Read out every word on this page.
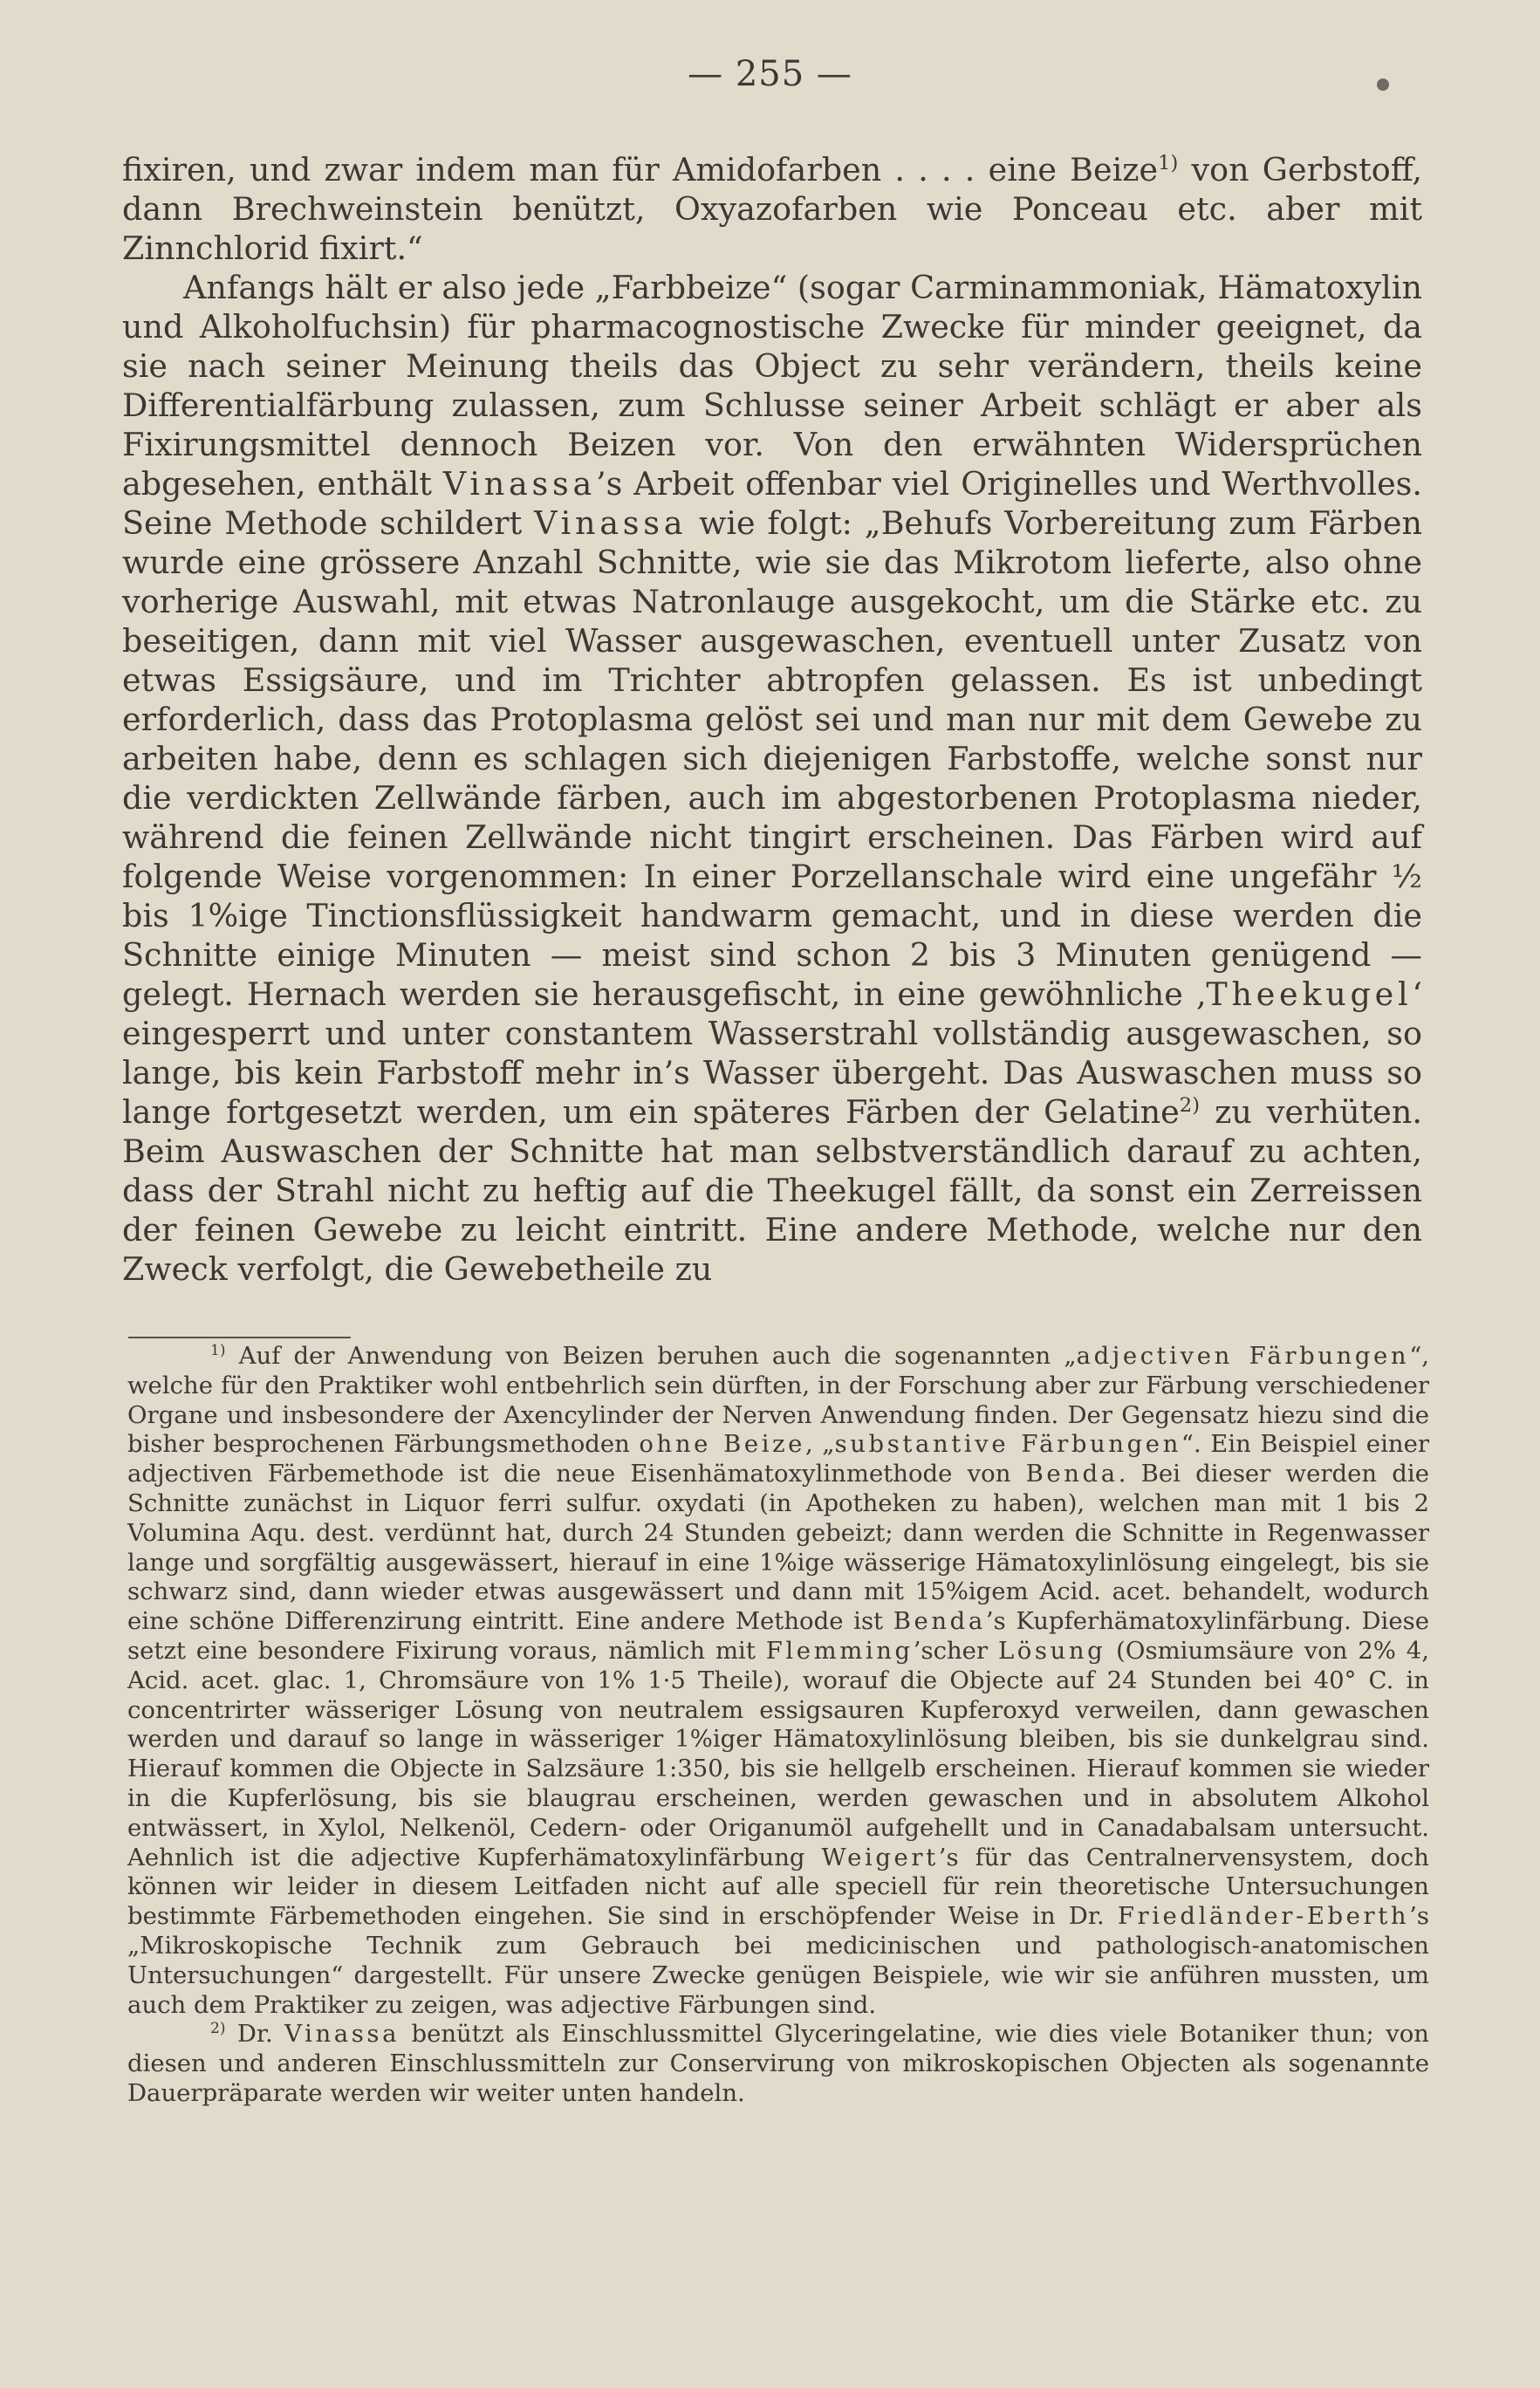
— 255 —

fixiren, und zwar indem man für Amidofarben . . . . eine Beize$^{1)}$ von Gerbstoff, dann Brechweinstein benützt, Oxyazofarben wie Ponceau etc. aber mit Zinnchlorid fixirt.“

Anfangs hält er also jede „Farbbeize“ (sogar Carminammoniak, Hämatoxylin und Alkoholfuchsin) für pharmacognostische Zwecke für minder geeignet, da sie nach seiner Meinung theils das Object zu sehr verändern, theils keine Differentialfärbung zulassen, zum Schlusse seiner Arbeit schlägt er aber als Fixirungsmittel dennoch Beizen vor. Von den erwähnten Widersprüchen abgesehen, enthält Vinassa’s Arbeit offenbar viel Originelles und Werthvolles. Seine Methode schildert Vinassa wie folgt: „Behufs Vorbereitung zum Färben wurde eine grössere Anzahl Schnitte, wie sie das Mikrotom lieferte, also ohne vorherige Auswahl, mit etwas Natronlauge ausgekocht, um die Stärke etc. zu beseitigen, dann mit viel Wasser ausgewaschen, eventuell unter Zusatz von etwas Essigsäure, und im Trichter abtropfen gelassen. Es ist unbedingt erforderlich, dass das Protoplasma gelöst sei und man nur mit dem Gewebe zu arbeiten habe, denn es schlagen sich diejenigen Farbstoffe, welche sonst nur die verdickten Zellwände färben, auch im abgestorbenen Protoplasma nieder, während die feinen Zellwände nicht tingirt erscheinen. Das Färben wird auf folgende Weise vorgenommen: In einer Porzellanschale wird eine ungefähr ½ bis 1%ige Tinctionsflüssigkeit handwarm gemacht, und in diese werden die Schnitte einige Minuten — meist sind schon 2 bis 3 Minuten genügend — gelegt. Hernach werden sie herausgefischt, in eine gewöhnliche ‚Theekugel‘ eingesperrt und unter constantem Wasserstrahl vollständig ausgewaschen, so lange, bis kein Farbstoff mehr in’s Wasser übergeht. Das Auswaschen muss so lange fortgesetzt werden, um ein späteres Färben der Gelatine$^{2)}$ zu verhüten. Beim Auswaschen der Schnitte hat man selbstverständlich darauf zu achten, dass der Strahl nicht zu heftig auf die Theekugel fällt, da sonst ein Zerreissen der feinen Gewebe zu leicht eintritt. Eine andere Methode, welche nur den Zweck verfolgt, die Gewebetheile zu

$^{1)}$ Auf der Anwendung von Beizen beruhen auch die sogenannten „adjectiven Färbungen“, welche für den Praktiker wohl entbehrlich sein dürften, in der Forschung aber zur Färbung verschiedener Organe und insbesondere der Axencylinder der Nerven Anwendung finden. Der Gegensatz hiezu sind die bisher besprochenen Färbungsmethoden ohne Beize, „substantive Färbungen“. Ein Beispiel einer adjectiven Färbemethode ist die neue Eisenhämatoxylinmethode von Benda. Bei dieser werden die Schnitte zunächst in Liquor ferri sulfur. oxydati (in Apotheken zu haben), welchen man mit 1 bis 2 Volumina Aqu. dest. verdünnt hat, durch 24 Stunden gebeizt; dann werden die Schnitte in Regenwasser lange und sorgfältig ausgewässert, hierauf in eine 1%ige wässerige Hämatoxylinlösung eingelegt, bis sie schwarz sind, dann wieder etwas ausgewässert und dann mit 15%igem Acid. acet. behandelt, wodurch eine schöne Differenzirung eintritt. Eine andere Methode ist Benda’s Kupferhämatoxylinfärbung. Diese setzt eine besondere Fixirung voraus, nämlich mit Flemming’scher Lösung (Osmiumsäure von 2% 4, Acid. acet. glac. 1, Chromsäure von 1% 1·5 Theile), worauf die Objecte auf 24 Stunden bei 40° C. in concentrirter wässeriger Lösung von neutralem essigsauren Kupferoxyd verweilen, dann gewaschen werden und darauf so lange in wässeriger 1%iger Hämatoxylinlösung bleiben, bis sie dunkelgrau sind. Hierauf kommen die Objecte in Salzsäure 1:350, bis sie hellgelb erscheinen. Hierauf kommen sie wieder in die Kupferlösung, bis sie blaugrau erscheinen, werden gewaschen und in absolutem Alkohol entwässert, in Xylol, Nelkenöl, Cedern- oder Origanumöl aufgehellt und in Canadabalsam untersucht. Aehnlich ist die adjective Kupferhämatoxylinfärbung Weigert’s für das Centralnervensystem, doch können wir leider in diesem Leitfaden nicht auf alle speciell für rein theoretische Untersuchungen bestimmte Färbemethoden eingehen. Sie sind in erschöpfender Weise in Dr. Friedländer-Eberth’s „Mikroskopische Technik zum Gebrauch bei medicinischen und pathologisch-anatomischen Untersuchungen“ dargestellt. Für unsere Zwecke genügen Beispiele, wie wir sie anführen mussten, um auch dem Praktiker zu zeigen, was adjective Färbungen sind.

$^{2)}$ Dr. Vinassa benützt als Einschlussmittel Glyceringelatine, wie dies viele Botaniker thun; von diesen und anderen Einschlussmitteln zur Conservirung von mikroskopischen Objecten als sogenannte Dauerpräparate werden wir weiter unten handeln.
